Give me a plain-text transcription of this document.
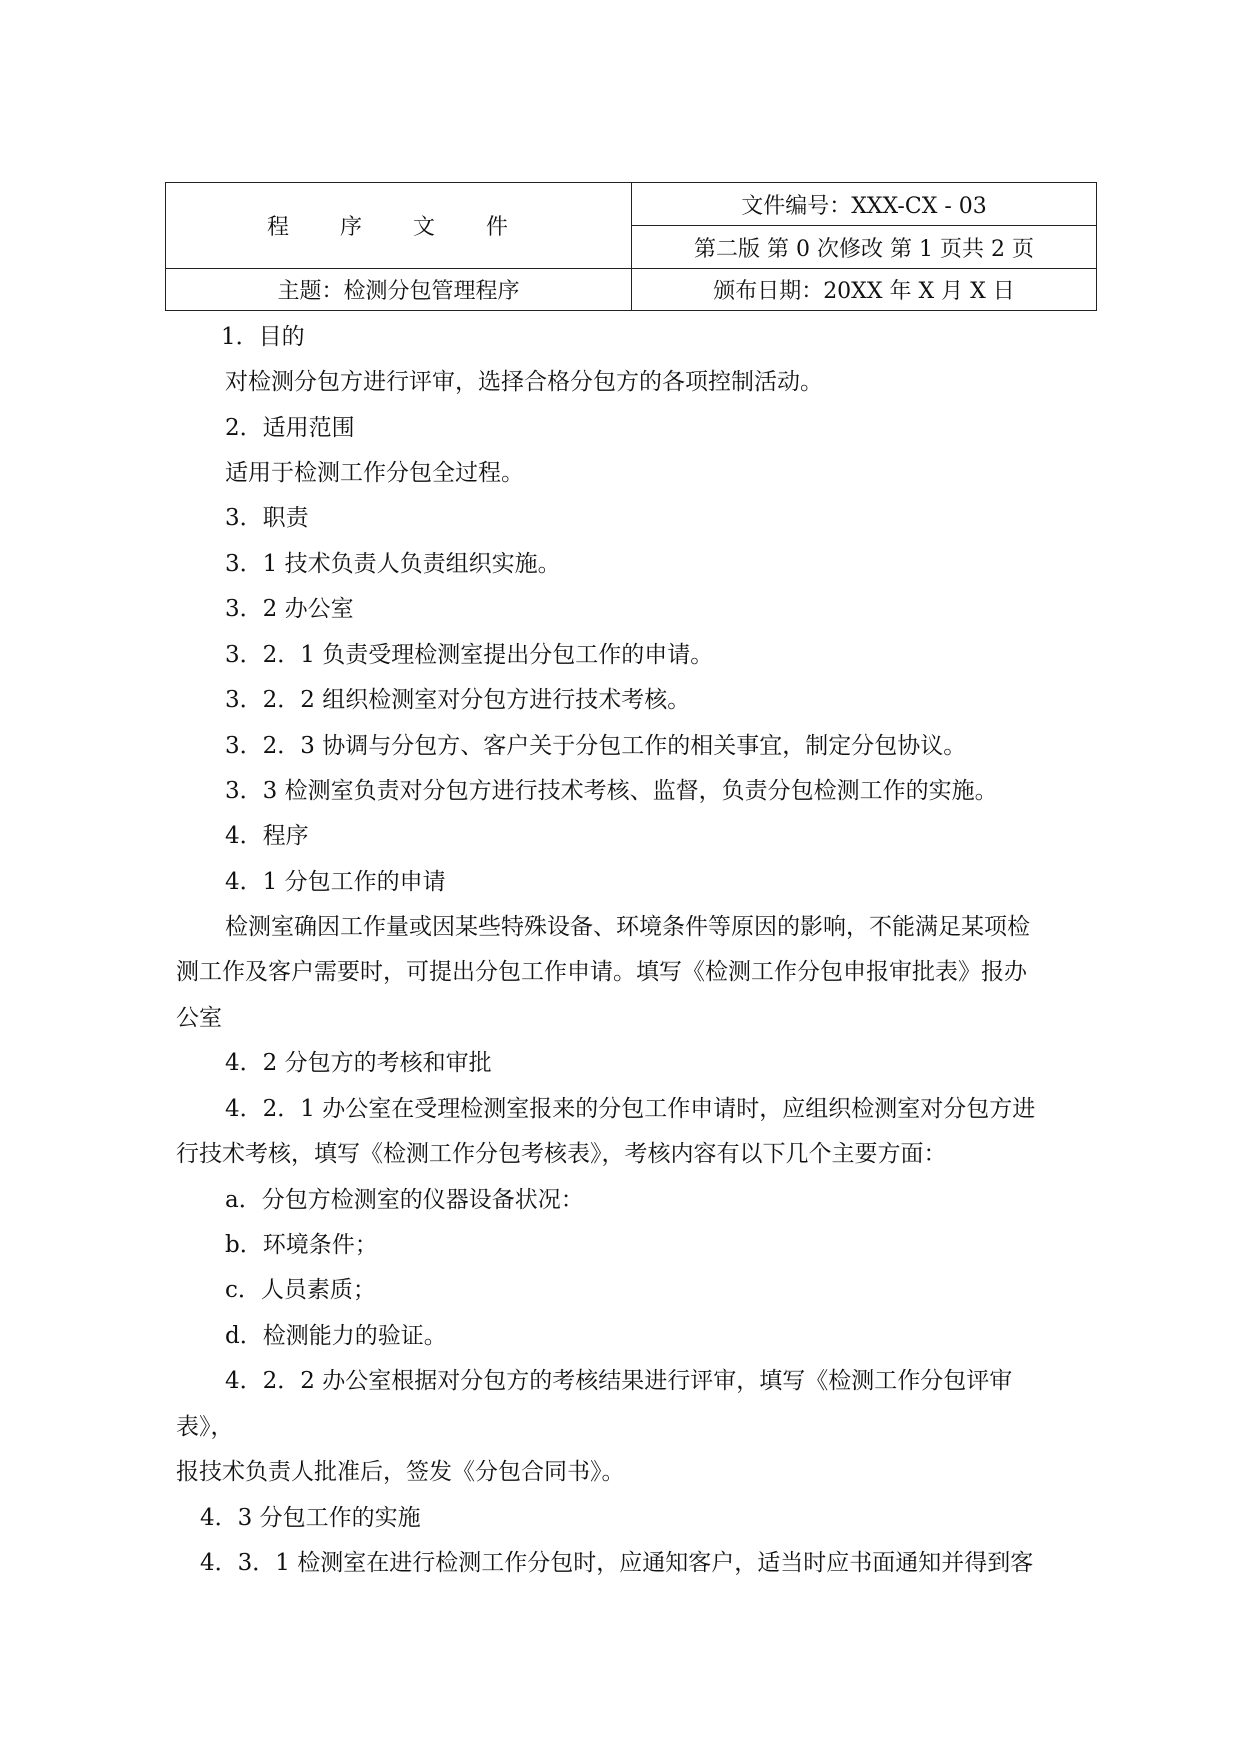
程 序 文 件	文件编号：XXX-CX - 03
	第二版 第 0 次修改 第 1 页共 2 页
主题：检测分包管理程序	颁布日期：20XX 年 X 月 X 日
1．目的
对检测分包方进行评审，选择合格分包方的各项控制活动。
2．适用范围
适用于检测工作分包全过程。
3．职责
3．1 技术负责人负责组织实施。
3．2 办公室
3．2．1 负责受理检测室提出分包工作的申请。
3．2．2 组织检测室对分包方进行技术考核。
3．2．3 协调与分包方、客户关于分包工作的相关事宜，制定分包协议。
3．3 检测室负责对分包方进行技术考核、监督，负责分包检测工作的实施。
4．程序
4．1 分包工作的申请
检测室确因工作量或因某些特殊设备、环境条件等原因的影响，不能满足某项检
测工作及客户需要时，可提出分包工作申请。填写《检测工作分包申报审批表》报办
公室
4．2 分包方的考核和审批
4．2．1 办公室在受理检测室报来的分包工作申请时，应组织检测室对分包方进
行技术考核，填写《检测工作分包考核表》，考核内容有以下几个主要方面：
a．分包方检测室的仪器设备状况：
b．环境条件；
c．人员素质；
d．检测能力的验证。
4．2．2 办公室根据对分包方的考核结果进行评审，填写《检测工作分包评审
表》，
报技术负责人批准后，签发《分包合同书》。
4．3 分包工作的实施
4．3．1 检测室在进行检测工作分包时，应通知客户，适当时应书面通知并得到客
